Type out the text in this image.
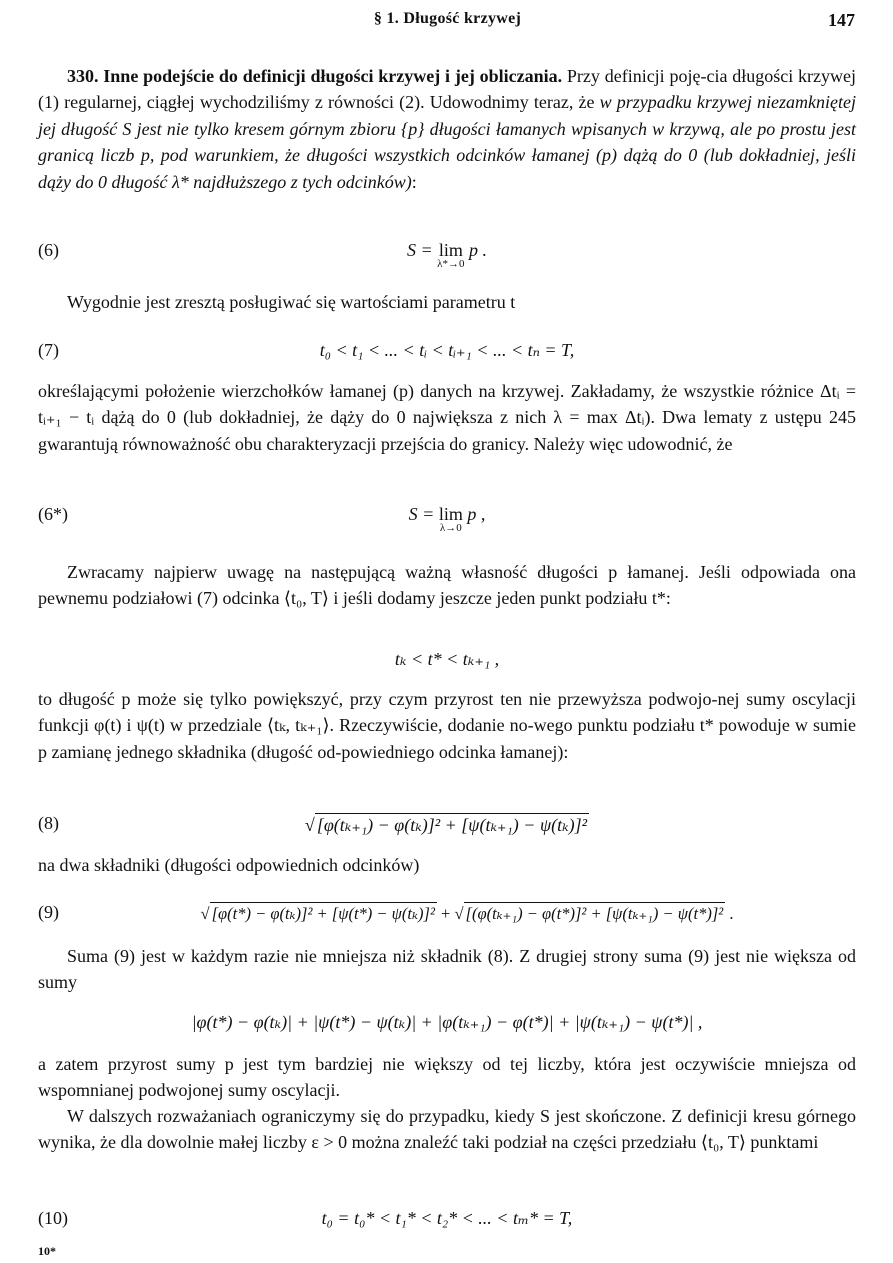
§ 1. Długość krzywej	147
330. Inne podejście do definicji długości krzywej i jej obliczania. Przy definicji poję-cia długości krzywej (1) regularnej, ciągłej wychodziliśmy z równości (2). Udowodnimy teraz, że w przypadku krzywej niezamkniętej jej długość S jest nie tylko kresem górnym zbioru {p} długości łamanych wpisanych w krzywą, ale po prostu jest granicą liczb p, pod warunkiem, że długości wszystkich odcinków łamanej (p) dążą do 0 (lub dokładniej, jeśli dąży do 0 długość λ* najdłuższego z tych odcinków):
(6)	S = lim
λ*→0
p .
Wygodnie jest zresztą posługiwać się wartościami parametru t
(7)	t₀ < t₁ < ... < tᵢ < tᵢ₊₁ < ... < tₙ = T,
określającymi położenie wierzchołków łamanej (p) danych na krzywej. Zakładamy, że wszystkie różnice Δtᵢ = tᵢ₊₁ − tᵢ dążą do 0 (lub dokładniej, że dąży do 0 największa z nich λ = max Δtᵢ). Dwa lematy z ustępu 245 gwarantują równoważność obu charakteryzacji przejścia do granicy. Należy więc udowodnić, że
(6*)	S = lim
λ→0
p ,
Zwracamy najpierw uwagę na następującą ważną własność długości p łamanej. Jeśli odpowiada ona pewnemu podziałowi (7) odcinka ⟨t₀, T⟩ i jeśli dodamy jeszcze jeden punkt podziału t*:
tₖ < t* < tₖ₊₁ ,
to długość p może się tylko powiększyć, przy czym przyrost ten nie przewyższa podwojo-nej sumy oscylacji funkcji φ(t) i ψ(t) w przedziale ⟨tₖ, tₖ₊₁⟩. Rzeczywiście, dodanie no-wego punktu podziału t* powoduje w sumie p zamianę jednego składnika (długość od-powiedniego odcinka łamanej):
(8)	√ [φ(tₖ₊₁) − φ(tₖ)]² + [ψ(tₖ₊₁) − ψ(tₖ)]²
na dwa składniki (długości odpowiednich odcinków)
(9)	√ [φ(t*) − φ(tₖ)]² + [ψ(t*) − ψ(tₖ)]² + √ [(φ(tₖ₊₁) − φ(t*)]² + [ψ(tₖ₊₁) − ψ(t*)]² .
Suma (9) jest w każdym razie nie mniejsza niż składnik (8). Z drugiej strony suma (9) jest nie większa od sumy
|φ(t*) − φ(tₖ)| + |ψ(t*) − ψ(tₖ)| + |φ(tₖ₊₁) − φ(t*)| + |ψ(tₖ₊₁) − ψ(t*)| ,
a zatem przyrost sumy p jest tym bardziej nie większy od tej liczby, która jest oczywiście mniejsza od wspomnianej podwojonej sumy oscylacji.
W dalszych rozważaniach ograniczymy się do przypadku, kiedy S jest skończone. Z definicji kresu górnego wynika, że dla dowolnie małej liczby ε > 0 można znaleźć taki podział na części przedziału ⟨t₀, T⟩ punktami
(10)	t₀ = t₀* < t₁* < t₂* < ... < tₘ* = T,
10*
